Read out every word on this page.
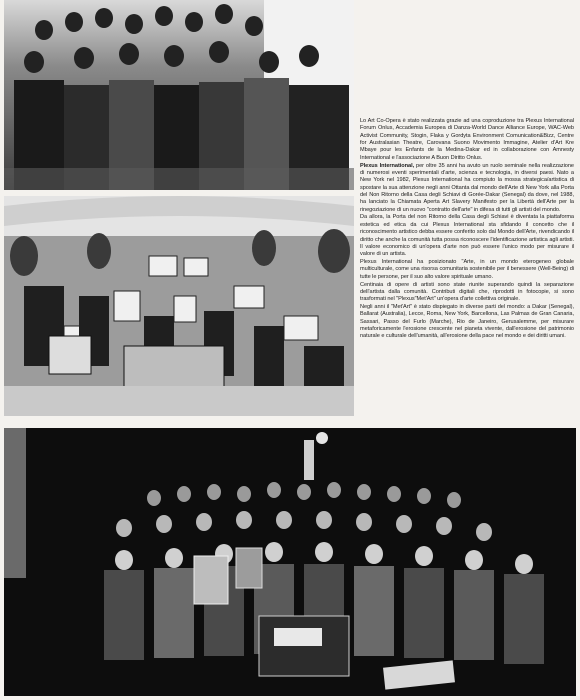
Lo Art Co-Opera è stato realizzata grazie ad una coproduzione tra Plexus International Forum Onlus, Accademia Europea di Danza-World Dance Alliance Europe, WAC-Web Activist Community, Stogin, Flaka y Gordyta Environment Comunication&Bizz, Centre for Australasian Theatre, Carovana Suono Movimento Immagine, Atelier d'Art Kre Mbaye pour les Enfants de la Medina-Dakar ed in collaborazione con Amnesty International e l'associazione A Buon Diritto Onlus.

Plexus International, per oltre 35 anni ha avuto un ruolo seminale nella realizzazione di numerosi eventi sperimentali d'arte, scienza e tecnologia, in diversi paesi. Nato a New York nel 1982, Plexus International ha compiuto la mossa strategica/artistica di spostare la sua attenzione negli anni Ottanta dal mondo dell'Arte di New York alla Porta del Non Ritorno della Casa degli Schiavi di Gorée-Dakar (Senegal) da dove, nel 1988, ha lanciato la Chiamata Aperta Art Slavery Manifesto per la Libertà dell'Arte per la rinegoziazione di un nuovo "contratto dell'arte" in difesa di tutti gli artisti del mondo.

Da allora, la Porta del non Ritorno della Casa degli Schiavi è diventata la piattaforma estetica ed etica da cui Plexus International sta sfidando il concetto che il riconoscimento artistico debba essere conferito solo dal Mondo dell'Arte, rivendicando il diritto che anche la comunità tutta possa riconoscere l'identificazione artistica agli artisti. Il valore economico di un'opera d'arte non può essere l'unico modo per misurare il valore di un artista.

Plexus International ha posizionato "Arte, in un mondo eterogeneo globale multiculturale, come una risorsa comunitaria sostenibile per il benessere (Well-Being) di tutte le persone, per il suo alto valore spirituale umano.

Centinaia di opere di artisti sono state riunite superando quindi la separazione dell'artista dalla comunità. Contributi digitali che, riprodotti in fotocopie, si sono trasformati nel "Plexus"Met'Art" un'opera d'arte collettiva originale.

Negli anni il "Met'Art" è stato dispiegato in diverse parti del mondo: a Dakar (Senegal), Ballarat (Australia), Lecce, Roma, New York, Barcellona, Las Palmas de Gran Canaria, Sassari, Passo del Furlo (Marche), Rio de Janeiro, Gerusalemme, per misurare metaforicamente l'erosione crescente nel pianeta vivente, dall'erosione del patrimonio naturale e culturale dell'umanità, all'erosione della pace nel mondo e dei diritti umani.
